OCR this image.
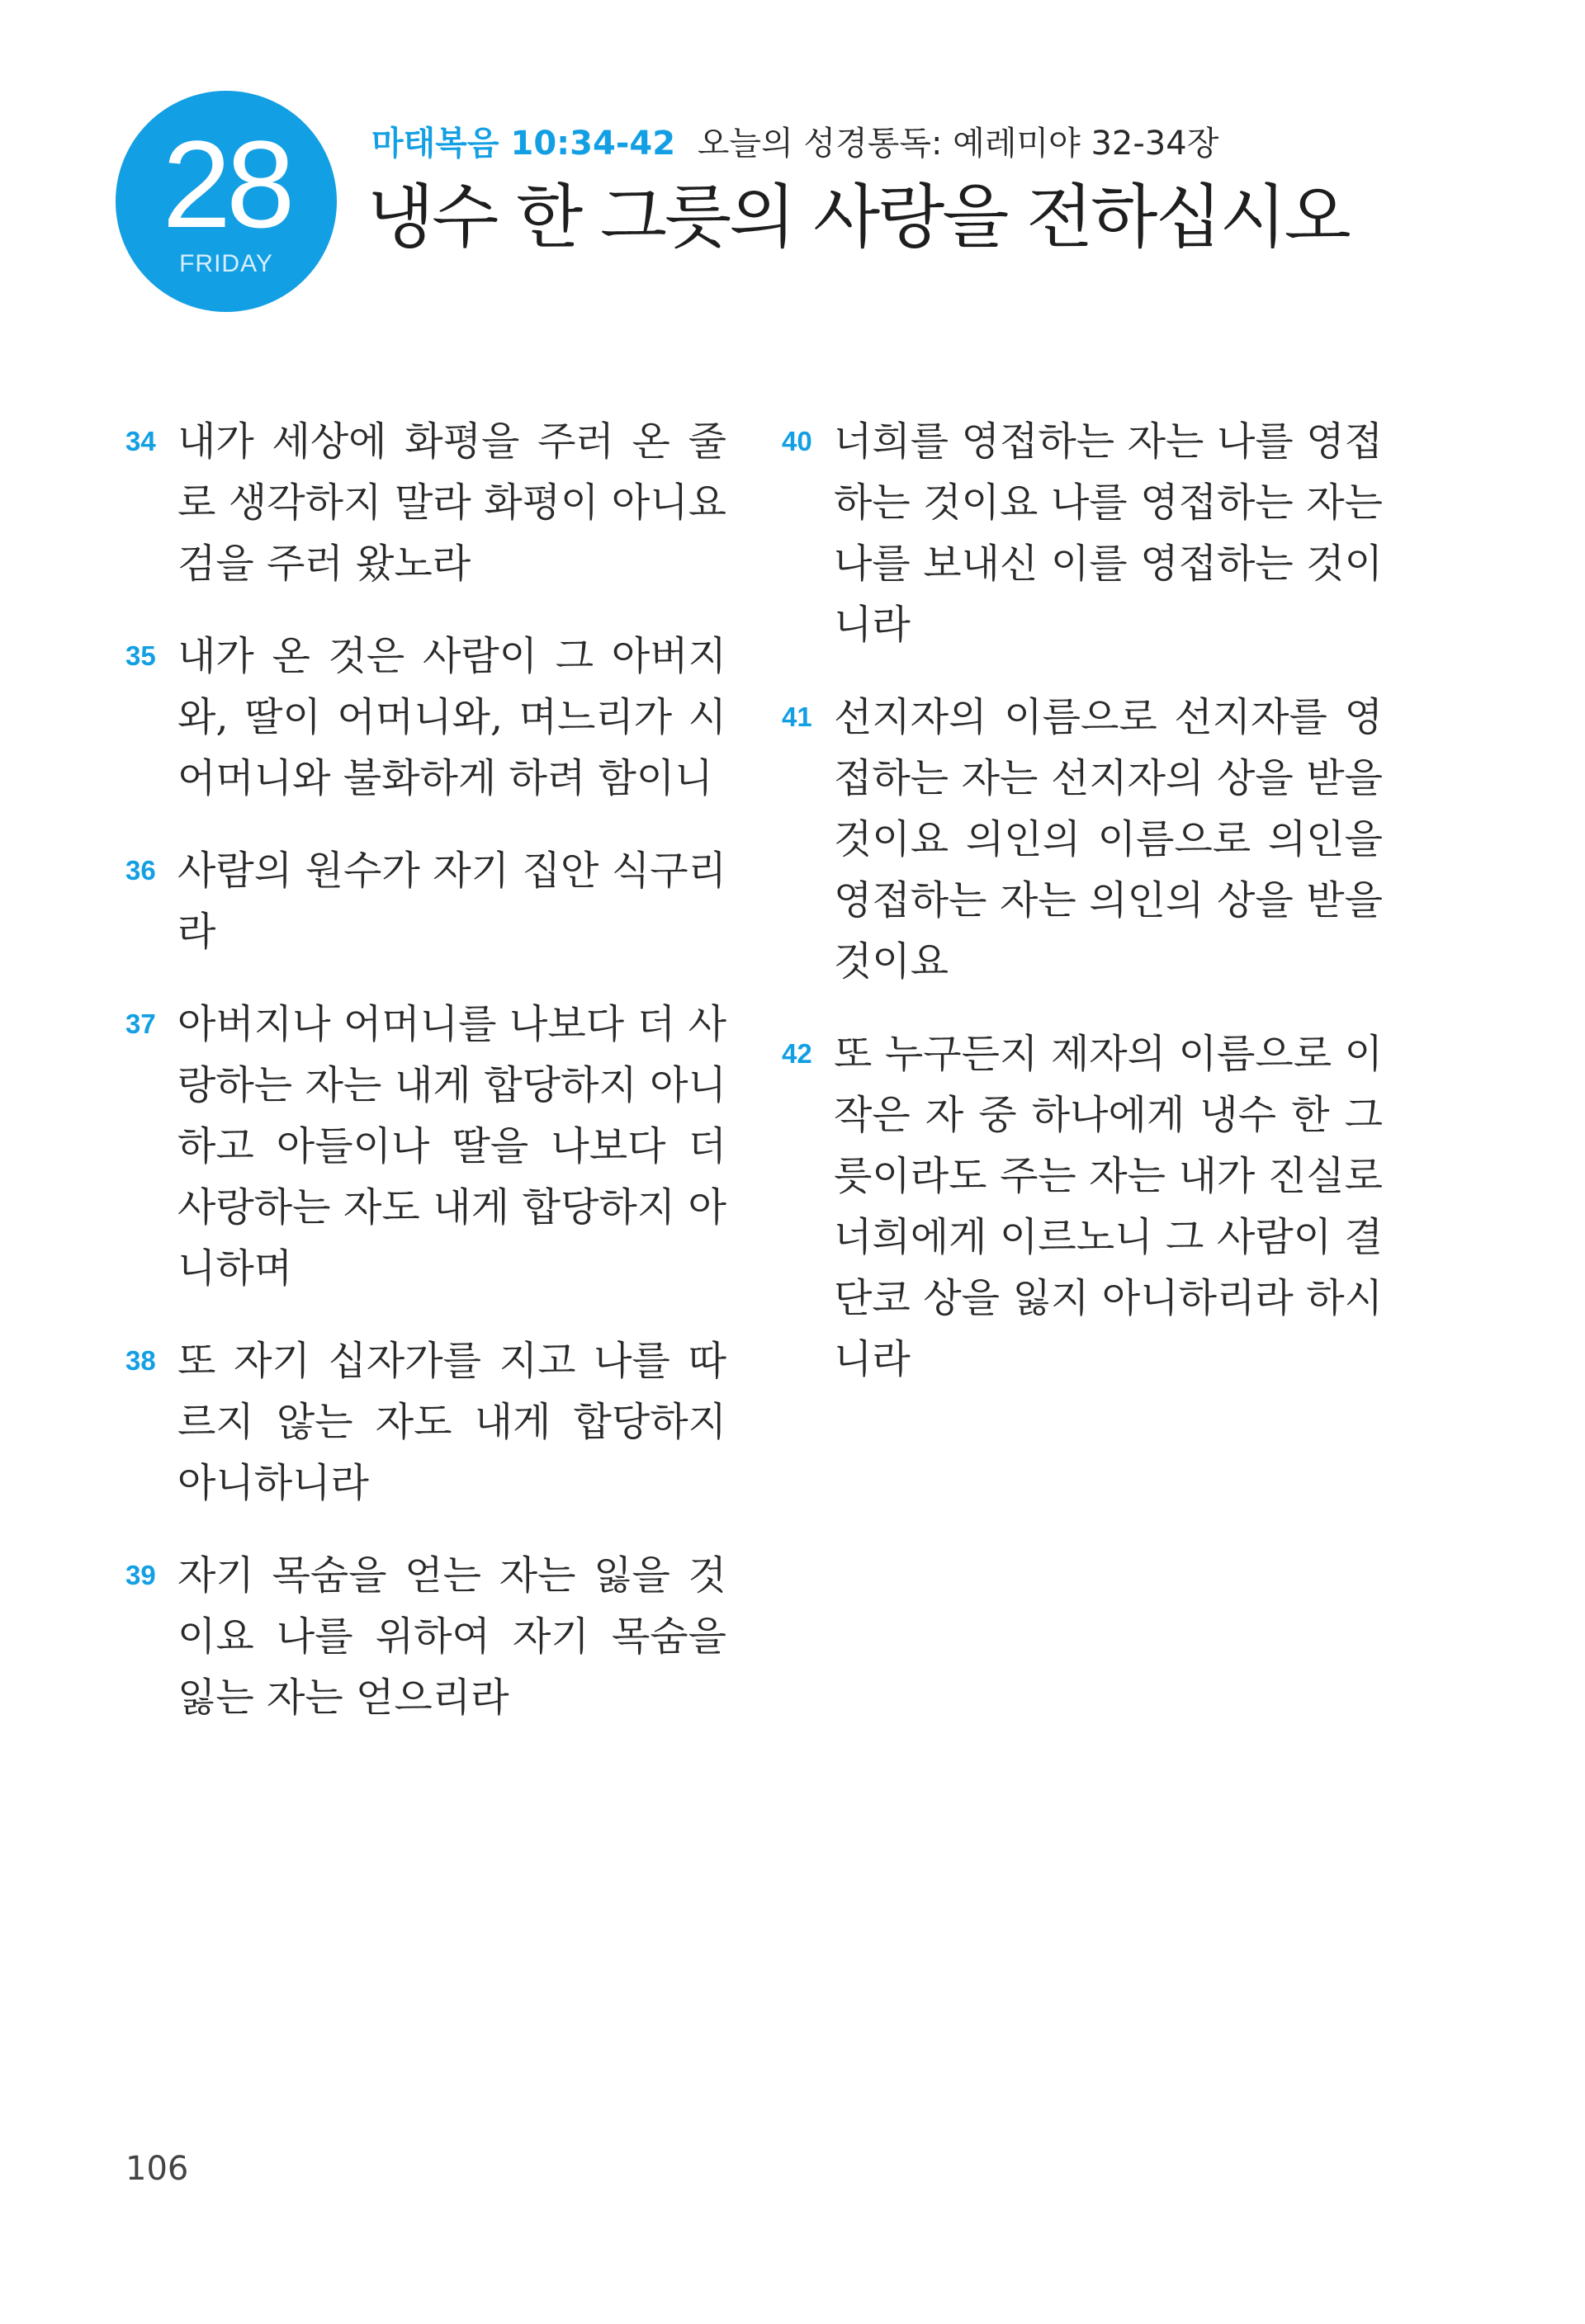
28
FRIDAY
마태복음 10:34-42 오늘의 성경통독: 예레미야 32-34장
냉수 한 그릇의 사랑을 전하십시오
34 내가 세상에 화평을 주러 온 줄로 생각하지 말라 화평이 아니요 검을 주러 왔노라
35 내가 온 것은 사람이 그 아버지와, 딸이 어머니와, 며느리가 시어머니와 불화하게 하려 함이니
36 사람의 원수가 자기 집안 식구리라
37 아버지나 어머니를 나보다 더 사랑하는 자는 내게 합당하지 아니하고 아들이나 딸을 나보다 더 사랑하는 자도 내게 합당하지 아니하며
38 또 자기 십자가를 지고 나를 따르지 않는 자도 내게 합당하지 아니하니라
39 자기 목숨을 얻는 자는 잃을 것이요 나를 위하여 자기 목숨을 잃는 자는 얻으리라
40 너희를 영접하는 자는 나를 영접하는 것이요 나를 영접하는 자는 나를 보내신 이를 영접하는 것이니라
41 선지자의 이름으로 선지자를 영접하는 자는 선지자의 상을 받을 것이요 의인의 이름으로 의인을 영접하는 자는 의인의 상을 받을 것이요
42 또 누구든지 제자의 이름으로 이 작은 자 중 하나에게 냉수 한 그릇이라도 주는 자는 내가 진실로 너희에게 이르노니 그 사람이 결단코 상을 잃지 아니하리라 하시니라
106
